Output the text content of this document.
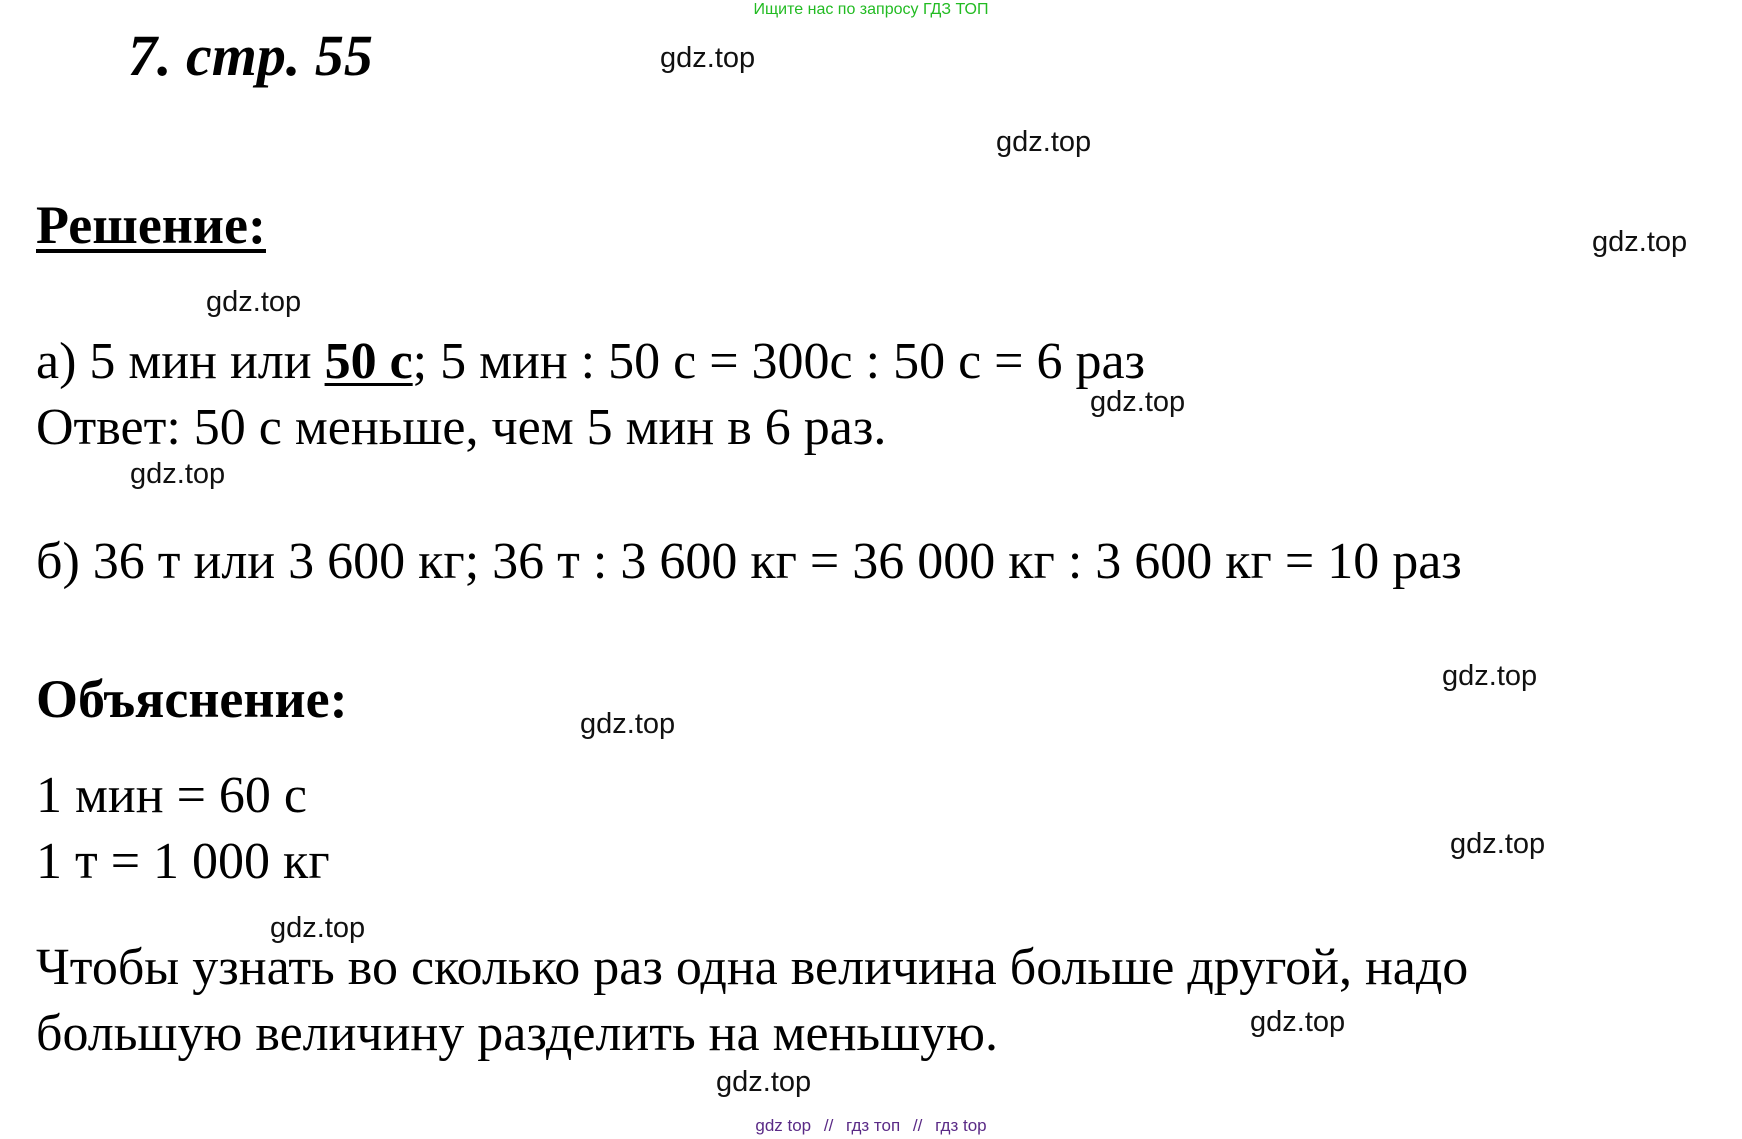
Ищите нас по запросу ГДЗ ТОП
7. стр. 55
Решение:
а) 5 мин или 50 с; 5 мин : 50 с = 300с : 50 с = 6 раз
Ответ: 50 с меньше, чем 5 мин в 6 раз.
б) 36 т или 3 600 кг; 36 т : 3 600 кг = 36 000 кг : 3 600 кг = 10 раз
Объяснение:
1 мин = 60 с
1 т = 1 000 кг
Чтобы узнать во сколько раз одна величина больше другой, надо
большую величину разделить на меньшую.
gdz.top
gdz.top
gdz.top
gdz.top
gdz.top
gdz.top
gdz.top
gdz.top
gdz.top
gdz.top
gdz.top
gdz.top
gdz top // гдз топ // гдз top
